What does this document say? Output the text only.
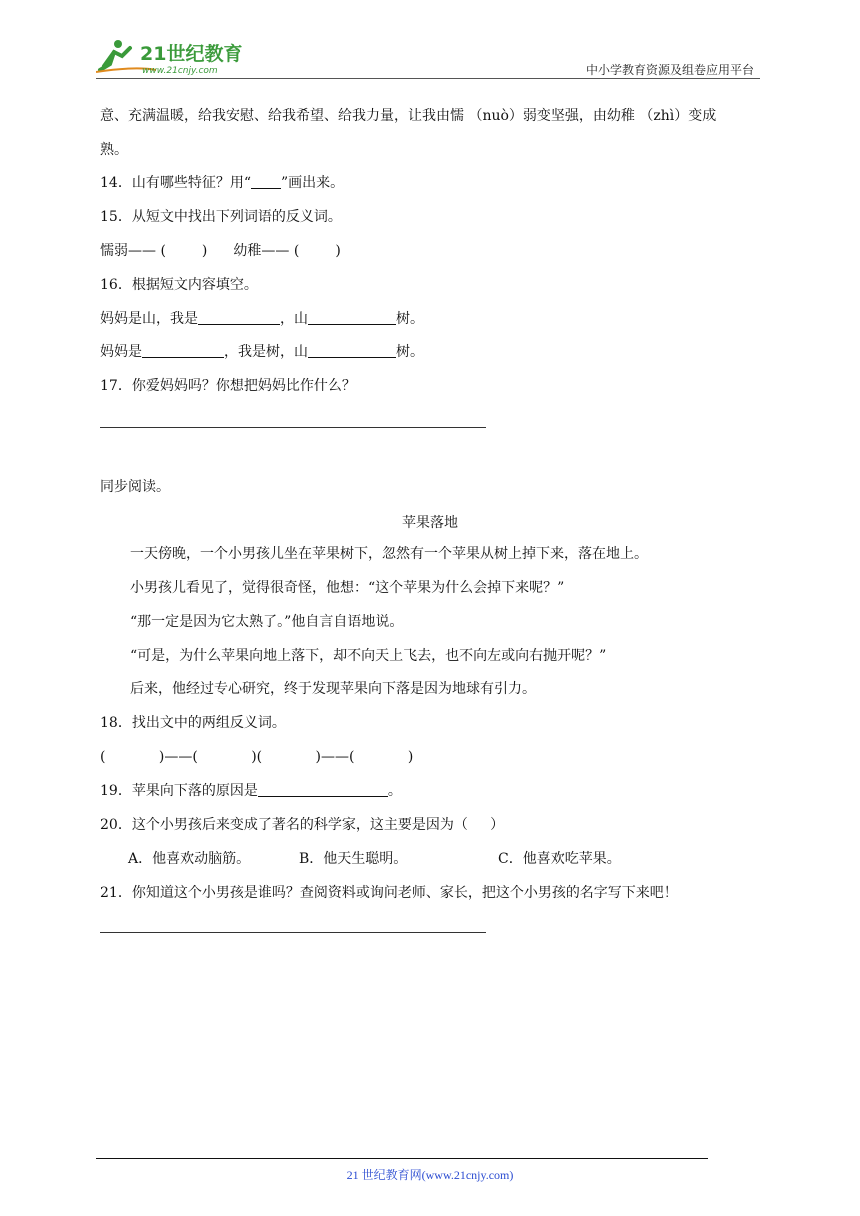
21世纪教育
www.21cnjy.com	中小学教育资源及组卷应用平台
意、充满温暖，给我安慰、给我希望、给我力量，让我由懦 （nuò）弱变坚强，由幼稚 （zhì）变成
熟。
14．山有哪些特征？用“ ”画出来。
15．从短文中找出下列词语的反义词。
懦弱—— (	) 幼稚—— (	)
16．根据短文内容填空。
妈妈是山，我是	，山	树。
妈妈是	，我是树，山	树。
17．你爱妈妈吗？你想把妈妈比作什么？
同步阅读。
苹果落地
一天傍晚，一个小男孩儿坐在苹果树下，忽然有一个苹果从树上掉下来，落在地上。
小男孩儿看见了，觉得很奇怪，他想：“这个苹果为什么会掉下来呢？”
“那一定是因为它太熟了。”他自言自语地说。
“可是，为什么苹果向地上落下，却不向天上飞去，也不向左或向右抛开呢？”
后来，他经过专心研究，终于发现苹果向下落是因为地球有引力。
18．找出文中的两组反义词。
(            )——(            )(            )——(            )
19．苹果向下落的原因是	。
20．这个小男孩后来变成了著名的科学家，这主要是因为（     ）
A．他喜欢动脑筋。	B．他天生聪明。	C．他喜欢吃苹果。
21．你知道这个小男孩是谁吗？查阅资料或询问老师、家长，把这个小男孩的名字写下来吧！
21 世纪教育网(www.21cnjy.com)
